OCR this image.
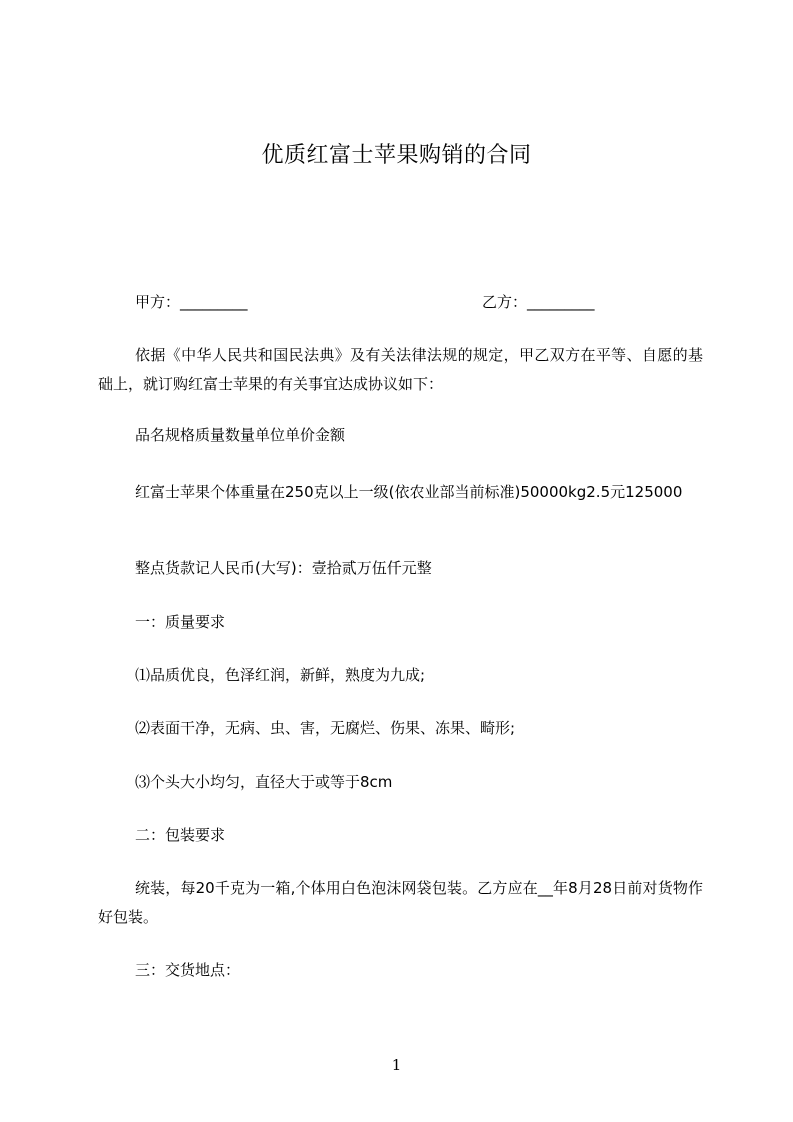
优质红富士苹果购销的合同
甲方：_________	乙方：_________
依据《中华人民共和国民法典》及有关法律法规的规定，甲乙双方在平等、自愿的基础上，就订购红富士苹果的有关事宜达成协议如下：
品名规格质量数量单位单价金额
红富士苹果个体重量在250克以上一级(依农业部当前标准)50000kg2.5元125000
整点货款记人民币(大写)：壹拾贰万伍仟元整
一：质量要求
⑴品质优良，色泽红润，新鲜，熟度为九成;
⑵表面干净，无病、虫、害，无腐烂、伤果、冻果、畸形;
⑶个头大小均匀，直径大于或等于8cm
二：包装要求
统装，每20千克为一箱,个体用白色泡沫网袋包装。乙方应在__年8月28日前对货物作好包装。
三：交货地点：
1
